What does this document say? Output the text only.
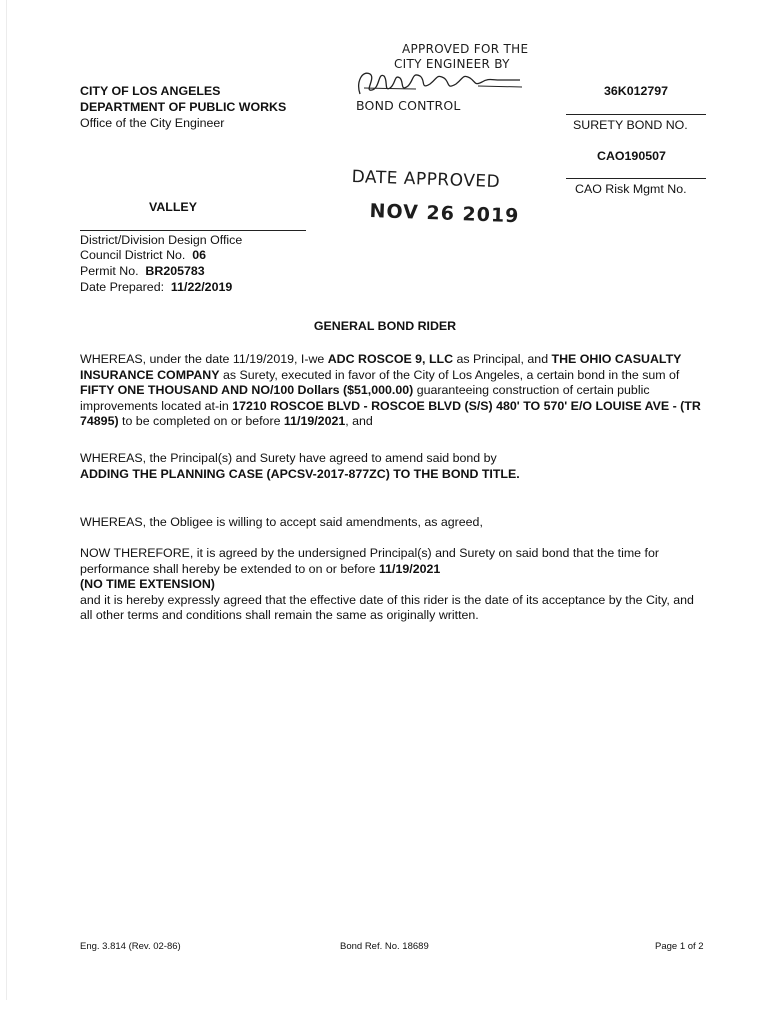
CITY OF LOS ANGELES
DEPARTMENT OF PUBLIC WORKS
Office of the City Engineer
APPROVED FOR THE
CITY ENGINEER BY
BOND CONTROL
DATE APPROVED
NOV 26 2019
36K012797
SURETY BOND NO.
CAO190507
CAO Risk Mgmt No.
VALLEY
District/Division Design Office
Council District No. 06
Permit No. BR205783
Date Prepared: 11/22/2019
GENERAL BOND RIDER
WHEREAS, under the date 11/19/2019, I-we ADC ROSCOE 9, LLC as Principal, and THE OHIO CASUALTY INSURANCE COMPANY as Surety, executed in favor of the City of Los Angeles, a certain bond in the sum of FIFTY ONE THOUSAND AND NO/100 Dollars ($51,000.00) guaranteeing construction of certain public improvements located at-in 17210 ROSCOE BLVD - ROSCOE BLVD (S/S) 480' TO 570' E/O LOUISE AVE - (TR 74895) to be completed on or before 11/19/2021, and
WHEREAS, the Principal(s) and Surety have agreed to amend said bond by
ADDING THE PLANNING CASE (APCSV-2017-877ZC) TO THE BOND TITLE.
WHEREAS, the Obligee is willing to accept said amendments, as agreed,
NOW THEREFORE, it is agreed by the undersigned Principal(s) and Surety on said bond that the time for performance shall hereby be extended to on or before 11/19/2021
(NO TIME EXTENSION)
and it is hereby expressly agreed that the effective date of this rider is the date of its acceptance by the City, and all other terms and conditions shall remain the same as originally written.
Eng. 3.814 (Rev. 02-86)	Bond Ref. No. 18689	Page 1 of 2
